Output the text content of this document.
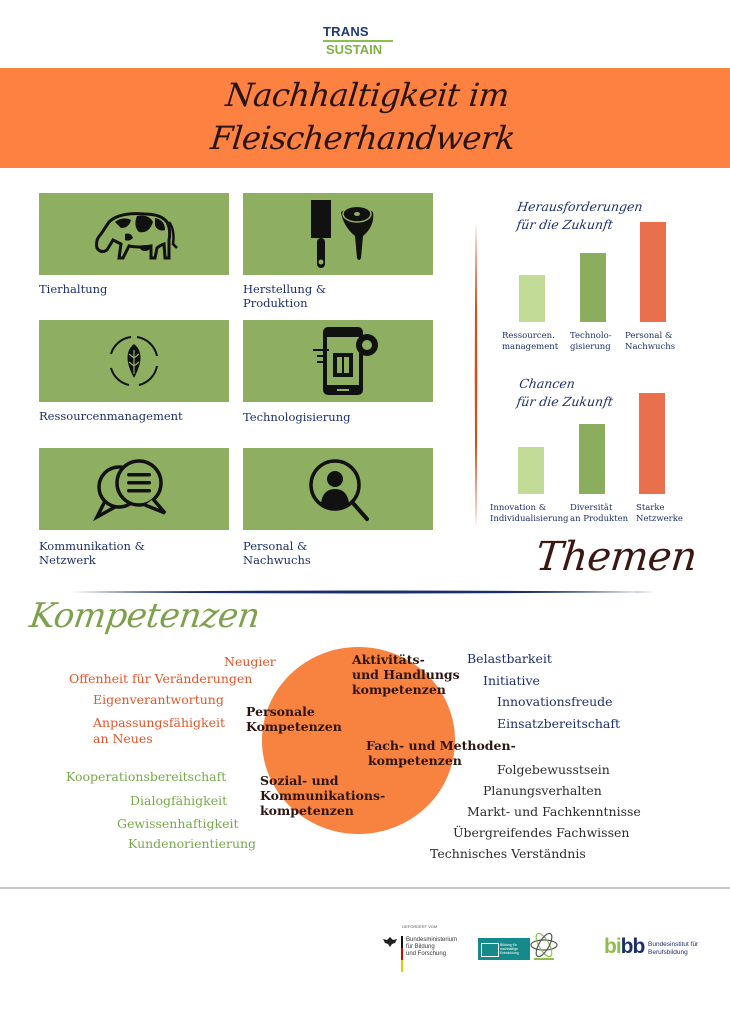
TRANS
SUSTAIN
Nachhaltigkeit im
Fleischerhandwerk
Tierhaltung	Herstellung &
Produktion
Ressourcenmanagement	Technologisierung
Kommunikation &
Netzwerk
Personal &
Nachwuchs
Herausforderungen
für die Zukunft
Ressourcen.
management
Technolo-
gisierung
Personal &
Nachwuchs
Chancen
für die Zukunft
Innovation &
Individualisierung
Diversität
an Produkten
Starke
Netzwerke
Themen
Kompetenzen
Aktivitäts-
und Handlungs
kompetenzen
Personale
Kompetenzen
Fach- und Methoden-
kompetenzen
Sozial- und
Kommunikations-
kompetenzen
Neugier
Offenheit für Veränderungen
Eigenverantwortung
Anpassungsfähigkeit
an Neues
Kooperationsbereitschaft
Dialogfähigkeit
Gewissenhaftigkeit
Kundenorientierung
Belastbarkeit
Initiative
Innovationsfreude
Einsatzbereitschaft
Folgebewusstsein
Planungsverhalten
Markt- und Fachkenntnisse
Übergreifendes Fachwissen
Technisches Verständnis
GEFÖRDERT VOM
Bundesministerium
für Bildung
und Forschung
Bildung für
nachhaltige
Entwicklung	bibb Bundesinstitut für
Berufsbildung
